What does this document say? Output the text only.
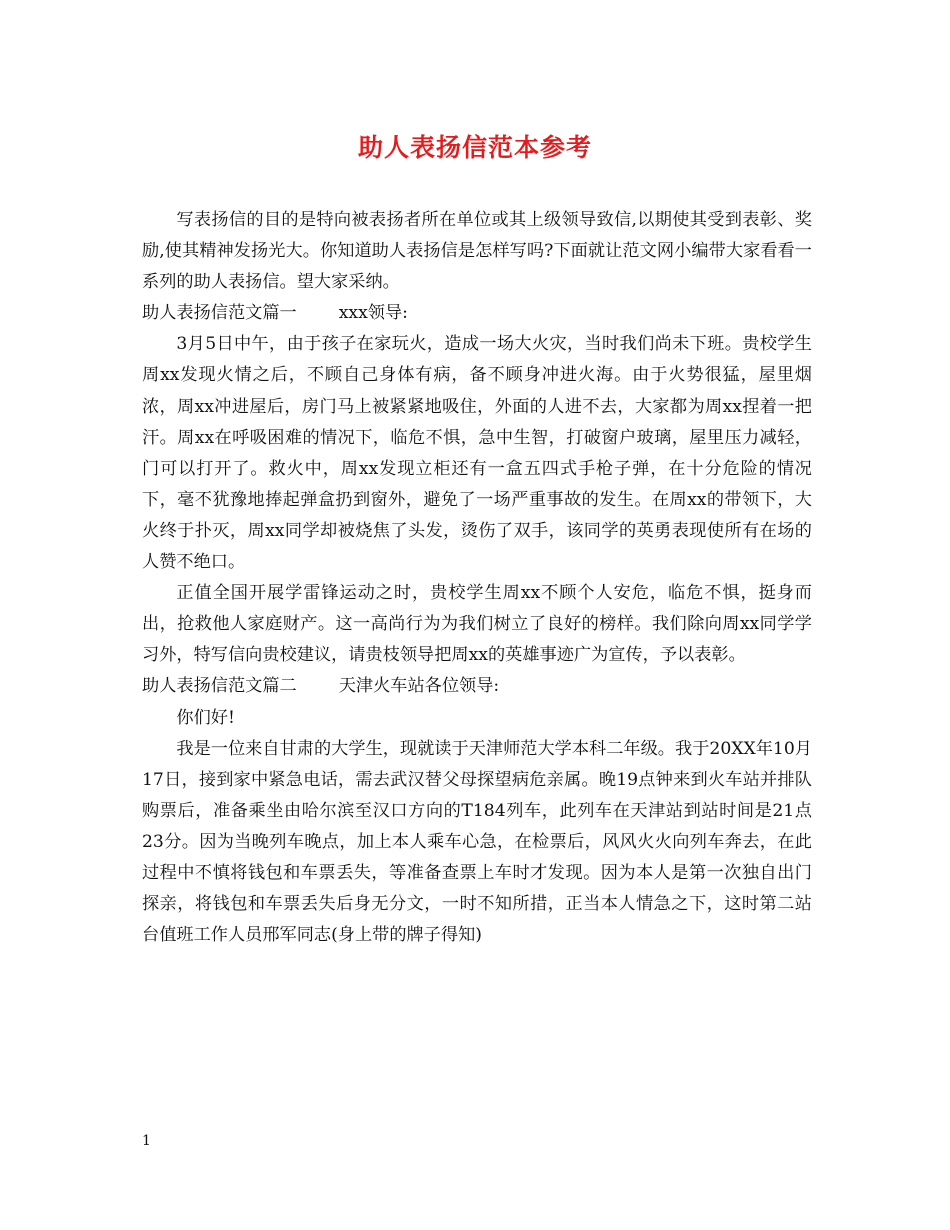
助人表扬信范本参考

写表扬信的目的是特向被表扬者所在单位或其上级领导致信,以期使其受到表彰、奖励,使其精神发扬光大。你知道助人表扬信是怎样写吗?下面就让范文网小编带大家看看一系列的助人表扬信。望大家采纳。

助人表扬信范文篇一 xxx领导:

3月5日中午，由于孩子在家玩火，造成一场大火灾，当时我们尚未下班。贵校学生周xx发现火情之后，不顾自己身体有病，备不顾身冲进火海。由于火势很猛，屋里烟浓，周xx冲进屋后，房门马上被紧紧地吸住，外面的人进不去，大家都为周xx捏着一把汗。周xx在呼吸困难的情况下，临危不惧，急中生智，打破窗户玻璃，屋里压力减轻，门可以打开了。救火中，周xx发现立柜还有一盒五四式手枪子弹，在十分危险的情况下，毫不犹豫地捧起弹盒扔到窗外，避免了一场严重事故的发生。在周xx的带领下，大火终于扑灭，周xx同学却被烧焦了头发，烫伤了双手，该同学的英勇表现使所有在场的人赞不绝口。

正值全国开展学雷锋运动之时，贵校学生周xx不顾个人安危，临危不惧，挺身而出，抢救他人家庭财产。这一高尚行为为我们树立了良好的榜样。我们除向周xx同学学习外，特写信向贵校建议，请贵枝领导把周xx的英雄事迹广为宣传，予以表彰。

助人表扬信范文篇二 天津火车站各位领导:

你们好!

我是一位来自甘肃的大学生，现就读于天津师范大学本科二年级。我于20XX年10月17日，接到家中紧急电话，需去武汉替父母探望病危亲属。晚19点钟来到火车站并排队购票后，准备乘坐由哈尔滨至汉口方向的T184列车，此列车在天津站到站时间是21点23分。因为当晚列车晚点，加上本人乘车心急，在检票后，风风火火向列车奔去，在此过程中不慎将钱包和车票丢失，等准备查票上车时才发现。因为本人是第一次独自出门探亲，将钱包和车票丢失后身无分文，一时不知所措，正当本人情急之下，这时第二站台值班工作人员邢军同志(身上带的牌子得知)

1
